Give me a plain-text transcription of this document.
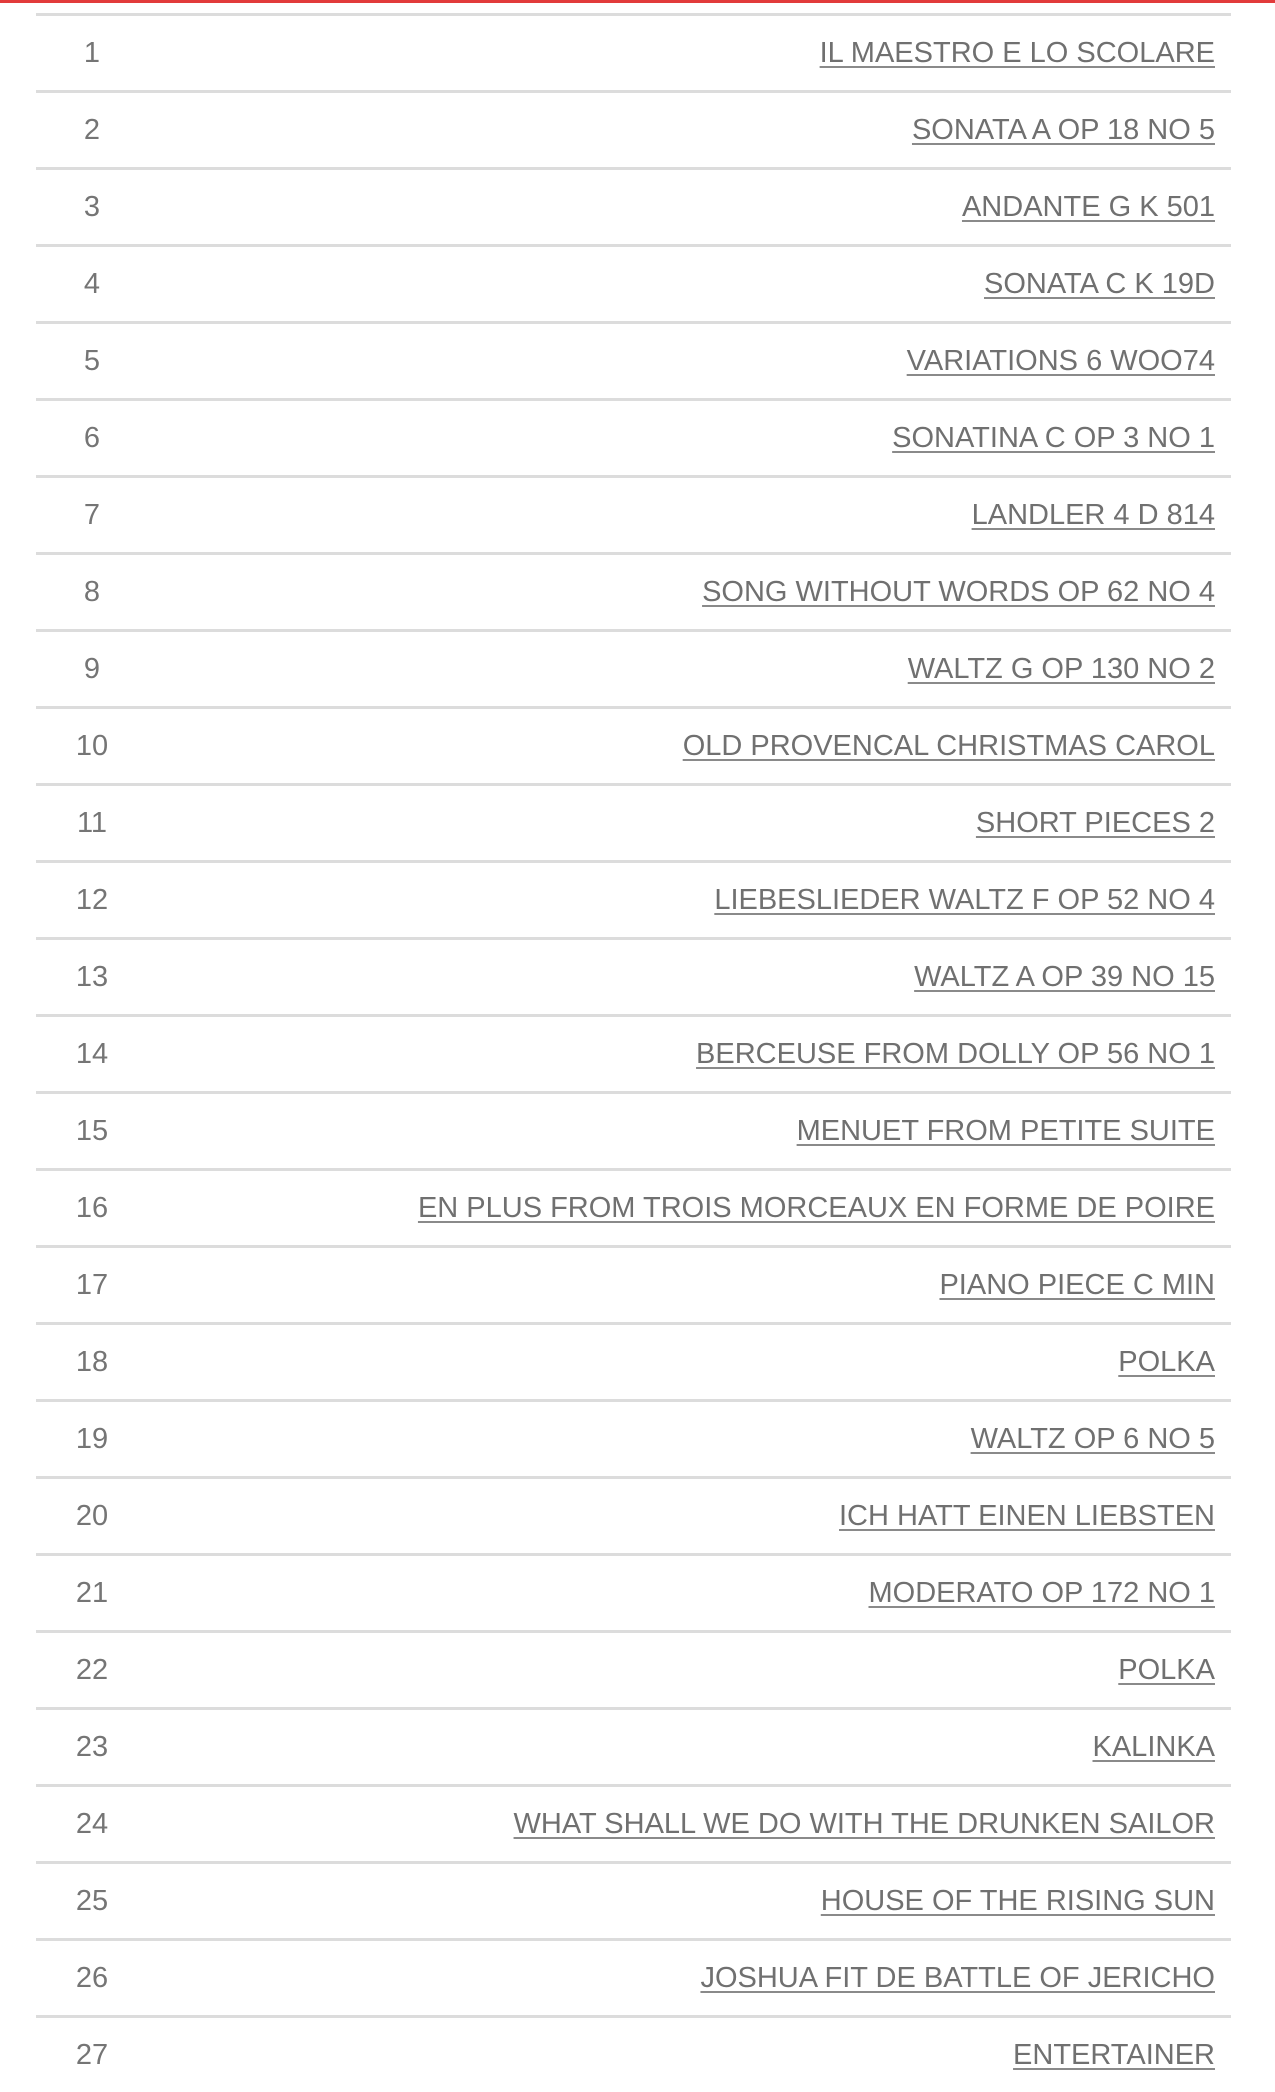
1	IL MAESTRO E LO SCOLARE
2	SONATA A OP 18 NO 5
3	ANDANTE G K 501
4	SONATA C K 19D
5	VARIATIONS 6 WOO74
6	SONATINA C OP 3 NO 1
7	LANDLER 4 D 814
8	SONG WITHOUT WORDS OP 62 NO 4
9	WALTZ G OP 130 NO 2
10	OLD PROVENCAL CHRISTMAS CAROL
11	SHORT PIECES 2
12	LIEBESLIEDER WALTZ F OP 52 NO 4
13	WALTZ A OP 39 NO 15
14	BERCEUSE FROM DOLLY OP 56 NO 1
15	MENUET FROM PETITE SUITE
16	EN PLUS FROM TROIS MORCEAUX EN FORME DE POIRE
17	PIANO PIECE C MIN
18	POLKA
19	WALTZ OP 6 NO 5
20	ICH HATT EINEN LIEBSTEN
21	MODERATO OP 172 NO 1
22	POLKA
23	KALINKA
24	WHAT SHALL WE DO WITH THE DRUNKEN SAILOR
25	HOUSE OF THE RISING SUN
26	JOSHUA FIT DE BATTLE OF JERICHO
27	ENTERTAINER
